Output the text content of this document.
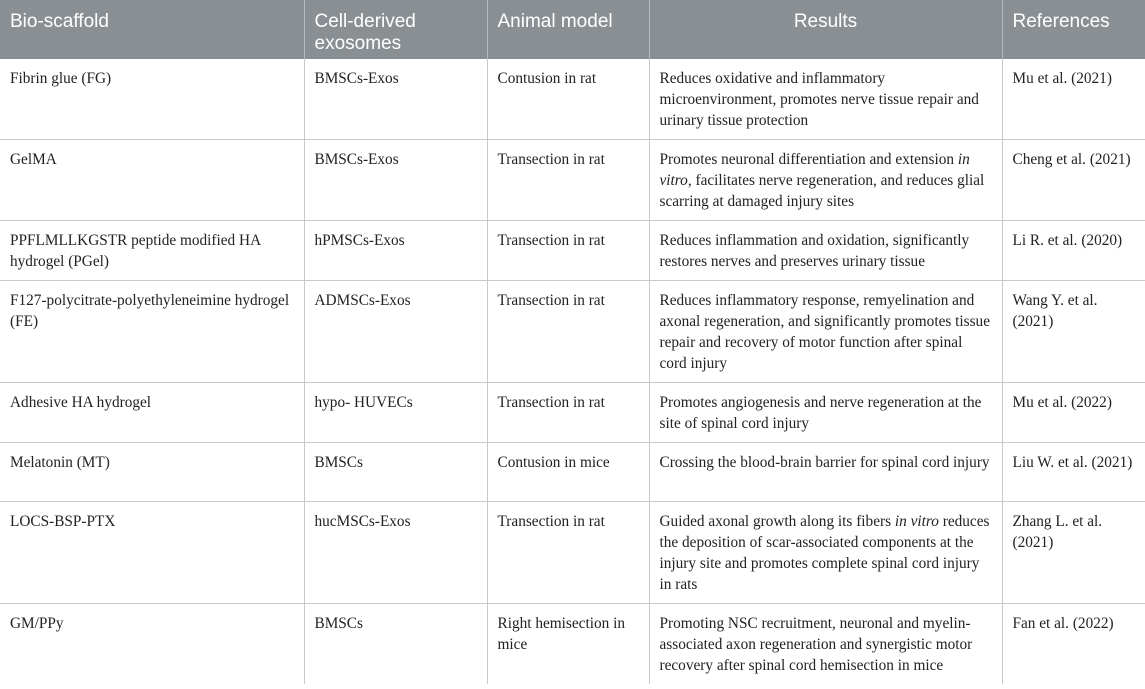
Bio-scaffold	Cell-derived exosomes	Animal model	Results	References
Fibrin glue (FG)	BMSCs-Exos	Contusion in rat	Reduces oxidative and inflammatory microenvironment, promotes nerve tissue repair and urinary tissue protection	Mu et al. (2021)
GelMA	BMSCs-Exos	Transection in rat	Promotes neuronal differentiation and extension in vitro, facilitates nerve regeneration, and reduces glial scarring at damaged injury sites	Cheng et al. (2021)
PPFLMLLKGSTR peptide modified HA hydrogel (PGel)	hPMSCs-Exos	Transection in rat	Reduces inflammation and oxidation, significantly restores nerves and preserves urinary tissue	Li R. et al. (2020)
F127-polycitrate-polyethyleneimine hydrogel (FE)	ADMSCs-Exos	Transection in rat	Reduces inflammatory response, remyelination and axonal regeneration, and significantly promotes tissue repair and recovery of motor function after spinal cord injury	Wang Y. et al. (2021)
Adhesive HA hydrogel	hypo- HUVECs	Transection in rat	Promotes angiogenesis and nerve regeneration at the site of spinal cord injury	Mu et al. (2022)
Melatonin (MT)	BMSCs	Contusion in mice	Crossing the blood-brain barrier for spinal cord injury	Liu W. et al. (2021)
LOCS-BSP-PTX	hucMSCs-Exos	Transection in rat	Guided axonal growth along its fibers in vitro reduces the deposition of scar-associated components at the injury site and promotes complete spinal cord injury in rats	Zhang L. et al. (2021)
GM/PPy	BMSCs	Right hemisection in mice	Promoting NSC recruitment, neuronal and myelin-associated axon regeneration and synergistic motor recovery after spinal cord hemisection in mice	Fan et al. (2022)
